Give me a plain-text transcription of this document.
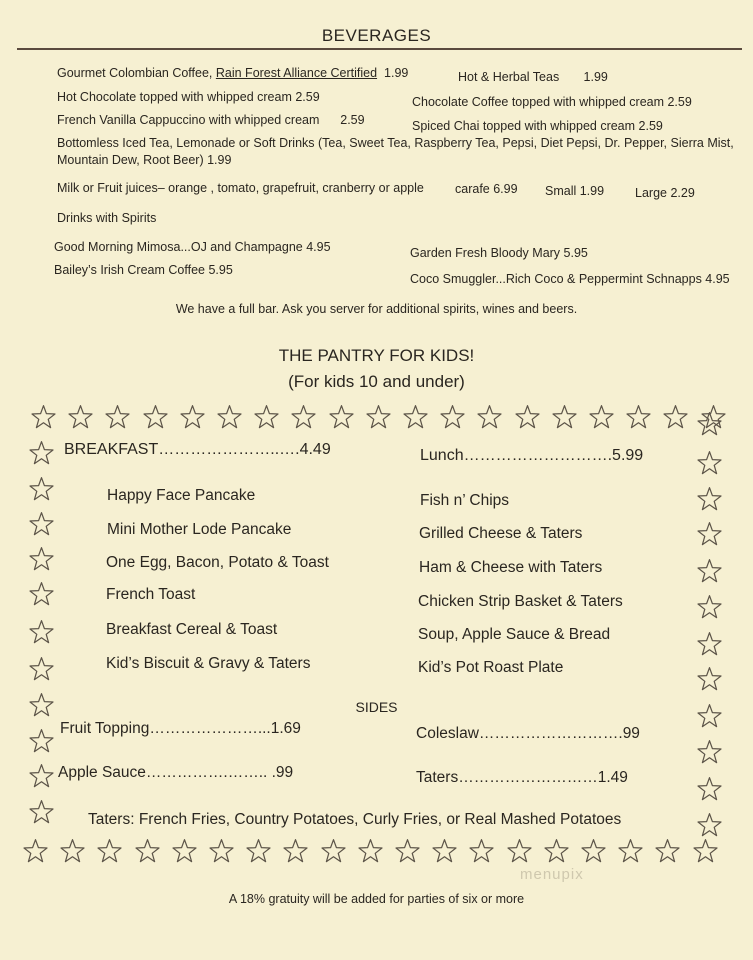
BEVERAGES
Gourmet Colombian Coffee, Rain Forest Alliance Certified 1.99	Hot & Herbal Teas 1.99
Hot Chocolate topped with whipped cream 2.59	Chocolate Coffee topped with whipped cream 2.59
French Vanilla Cappuccino with whipped cream 2.59	Spiced Chai topped with whipped cream 2.59
Bottomless Iced Tea, Lemonade or Soft Drinks (Tea, Sweet Tea, Raspberry Tea, Pepsi, Diet Pepsi, Dr. Pepper, Sierra Mist,
Mountain Dew, Root Beer) 1.99
Milk or Fruit juices– orange , tomato, grapefruit, cranberry or apple carafe 6.99 Small 1.99 Large 2.29
Drinks with Spirits
Good Morning Mimosa...OJ and Champagne 4.95	Garden Fresh Bloody Mary 5.95
Bailey’s Irish Cream Coffee 5.95
Coco Smuggler...Rich Coco & Peppermint Schnapps 4.95
We have a full bar. Ask you server for additional spirits, wines and beers.
THE PANTRY FOR KIDS!
(For kids 10 and under)
BREAKFAST…………………..….4.49	Lunch……………………….5.99
Happy Face Pancake
Mini Mother Lode Pancake
One Egg, Bacon, Potato & Toast
French Toast
Breakfast Cereal & Toast
Kid’s Biscuit & Gravy & Taters
Fish n’ Chips
Grilled Cheese & Taters
Ham & Cheese with Taters
Chicken Strip Basket & Taters
Soup, Apple Sauce & Bread
Kid’s Pot Roast Plate
SIDES
Fruit Topping…………………...1.69	Coleslaw……………………….99
Apple Sauce…………….…….. .99	Taters………………………1.49
Taters: French Fries, Country Potatoes, Curly Fries, or Real Mashed Potatoes
menupix
A 18% gratuity will be added for parties of six or more
